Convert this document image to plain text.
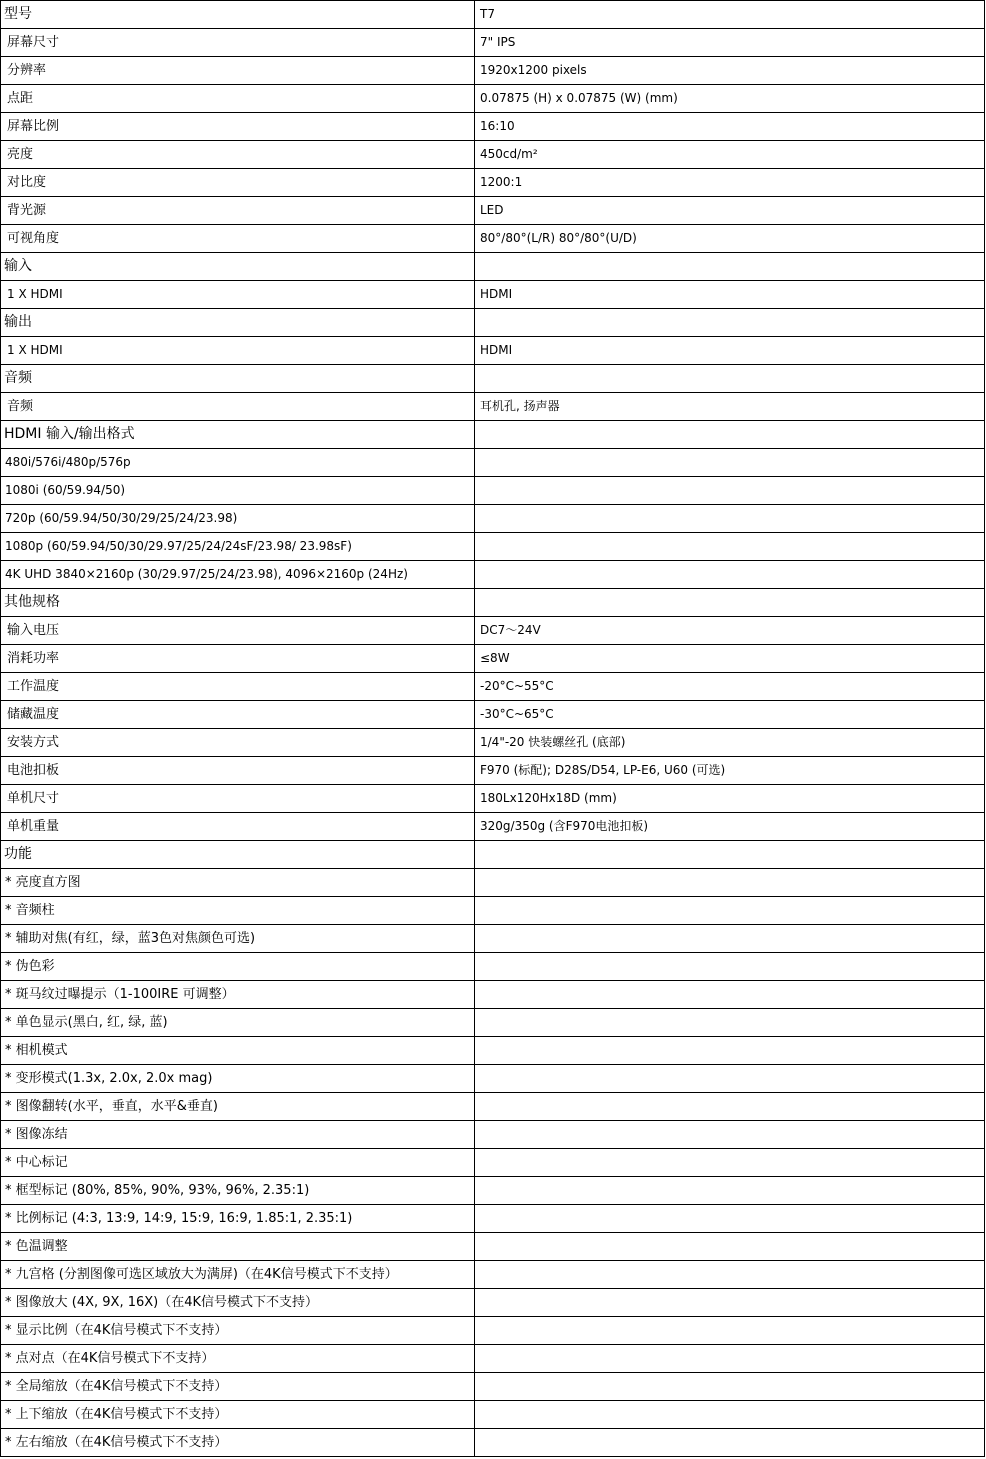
型号	T7
屏幕尺寸	7" IPS
分辨率	1920x1200 pixels
点距	0.07875 (H) x 0.07875 (W) (mm)
屏幕比例	16:10
亮度	450cd/m²
对比度	1200:1
背光源	LED
可视角度	80°/80°(L/R) 80°/80°(U/D)
输入	
1 X HDMI	HDMI
输出	
1 X HDMI	HDMI
音频	
音频	耳机孔, 扬声器
HDMI 输入/输出格式	
480i/576i/480p/576p	
1080i (60/59.94/50)	
720p (60/59.94/50/30/29/25/24/23.98)	
1080p (60/59.94/50/30/29.97/25/24/24sF/23.98/ 23.98sF)	
4K UHD 3840×2160p (30/29.97/25/24/23.98), 4096×2160p (24Hz)	
其他规格	
输入电压	DC7～24V
消耗功率	≤8W
工作温度	-20°C~55°C
储藏温度	-30°C~65°C
安装方式	1/4"-20 快装螺丝孔 (底部)
电池扣板	F970 (标配); D28S/D54, LP-E6, U60 (可选)
单机尺寸	180Lx120Hx18D (mm)
单机重量	320g/350g (含F970电池扣板)
功能	
* 亮度直方图	
* 音频柱	
* 辅助对焦(有红，绿，蓝3色对焦颜色可选)	
* 伪色彩	
* 斑马纹过曝提示（1-100IRE 可调整）	
* 单色显示(黑白, 红, 绿, 蓝)	
* 相机模式	
* 变形模式(1.3x, 2.0x, 2.0x mag)	
* 图像翻转(水平，垂直，水平&垂直)	
* 图像冻结	
* 中心标记	
* 框型标记 (80%, 85%, 90%, 93%, 96%, 2.35:1)	
* 比例标记 (4:3, 13:9, 14:9, 15:9, 16:9, 1.85:1, 2.35:1)	
* 色温调整	
* 九宫格 (分割图像可选区域放大为满屏)（在4K信号模式下不支持）	
* 图像放大 (4X, 9X, 16X)（在4K信号模式下不支持）	
* 显示比例（在4K信号模式下不支持）	
* 点对点（在4K信号模式下不支持）	
* 全局缩放（在4K信号模式下不支持）	
* 上下缩放（在4K信号模式下不支持）	
* 左右缩放（在4K信号模式下不支持）	
